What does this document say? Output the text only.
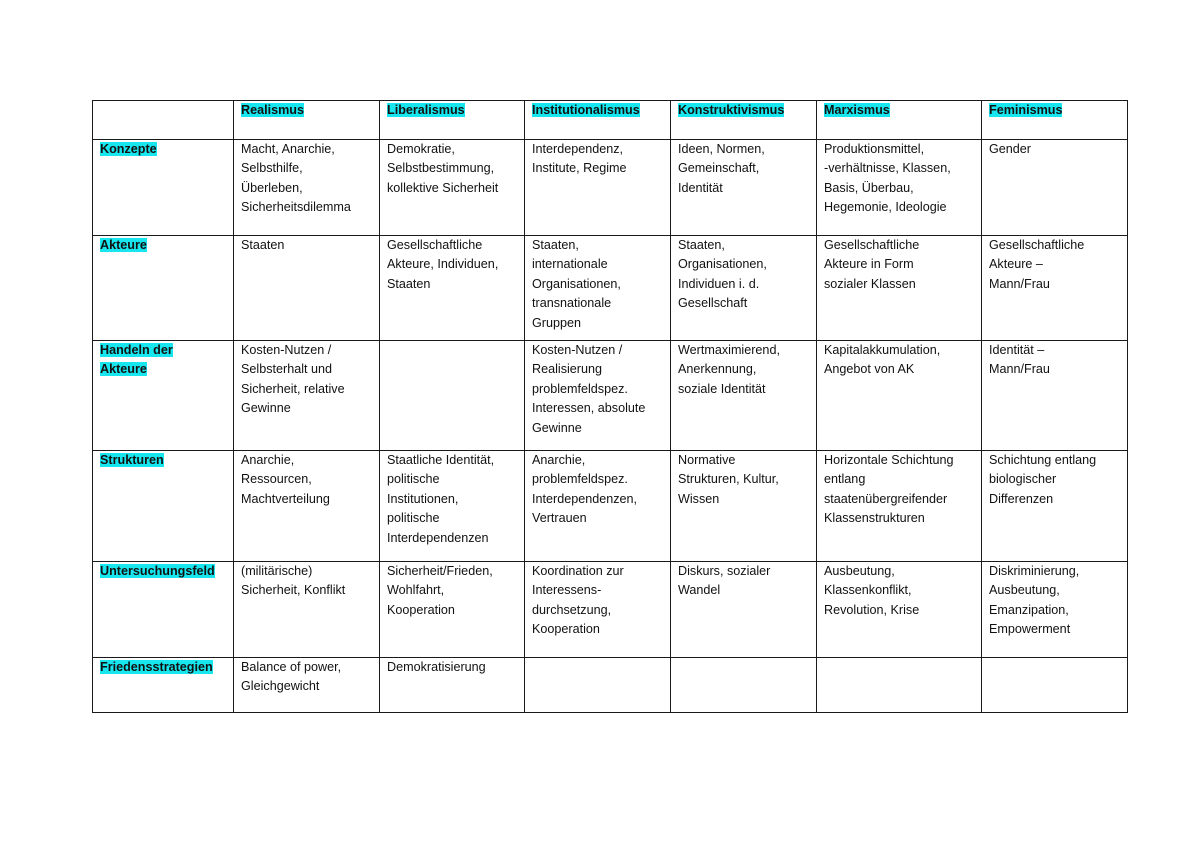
	Realismus	Liberalismus	Institutionalismus	Konstruktivismus	Marxismus	Feminismus
Konzepte	Macht, Anarchie,
Selbsthilfe,
Überleben,
Sicherheitsdilemma	Demokratie,
Selbstbestimmung,
kollektive Sicherheit	Interdependenz,
Institute, Regime	Ideen, Normen,
Gemeinschaft,
Identität	Produktionsmittel,
-verhältnisse, Klassen,
Basis, Überbau,
Hegemonie, Ideologie	Gender

Akteure	Staaten	Gesellschaftliche
Akteure, Individuen,
Staaten	Staaten,
internationale
Organisationen,
transnationale
Gruppen	Staaten,
Organisationen,
Individuen i. d.
Gesellschaft	Gesellschaftliche
Akteure in Form
sozialer Klassen	Gesellschaftliche
Akteure –
Mann/Frau

Handeln der
Akteure	Kosten-Nutzen /
Selbsterhalt und
Sicherheit, relative
Gewinne		Kosten-Nutzen /
Realisierung
problemfeldspez.
Interessen, absolute
Gewinne	Wertmaximierend,
Anerkennung,
soziale Identität	Kapitalakkumulation,
Angebot von AK	Identität –
Mann/Frau

Strukturen	Anarchie,
Ressourcen,
Machtverteilung	Staatliche Identität,
politische
Institutionen,
politische
Interdependenzen	Anarchie,
problemfeldspez.
Interdependenzen,
Vertrauen	Normative
Strukturen, Kultur,
Wissen	Horizontale Schichtung
entlang
staatenübergreifender
Klassenstrukturen	Schichtung entlang
biologischer
Differenzen

Untersuchungsfeld	(militärische)
Sicherheit, Konflikt	Sicherheit/Frieden,
Wohlfahrt,
Kooperation	Koordination zur
Interessens-
durchsetzung,
Kooperation	Diskurs, sozialer
Wandel	Ausbeutung,
Klassenkonflikt,
Revolution, Krise	Diskriminierung,
Ausbeutung,
Emanzipation,
Empowerment

Friedensstrategien	Balance of power,
Gleichgewicht	Demokratisierung				
